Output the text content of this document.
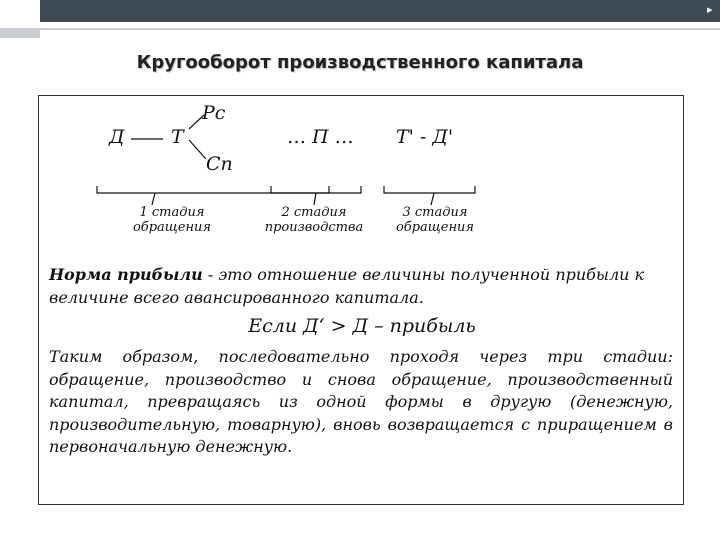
▸
Кругооборот производственного капитала
Д Т
Рс
Сп
… П … Т' - Д'
1 стадия
обращения
2 стадия
производства
3 стадия
обращения
Норма прибыли - это отношение величины полученной прибыли к величине всего авансированного капитала.
Если Д‘ > Д – прибыль
Таким образом, последовательно проходя через три стадии: обращение, производство и снова обращение, производственный капитал, превращаясь из одной формы в другую (денежную, производительную, товарную), вновь возвращается с приращением в первоначальную денежную.
